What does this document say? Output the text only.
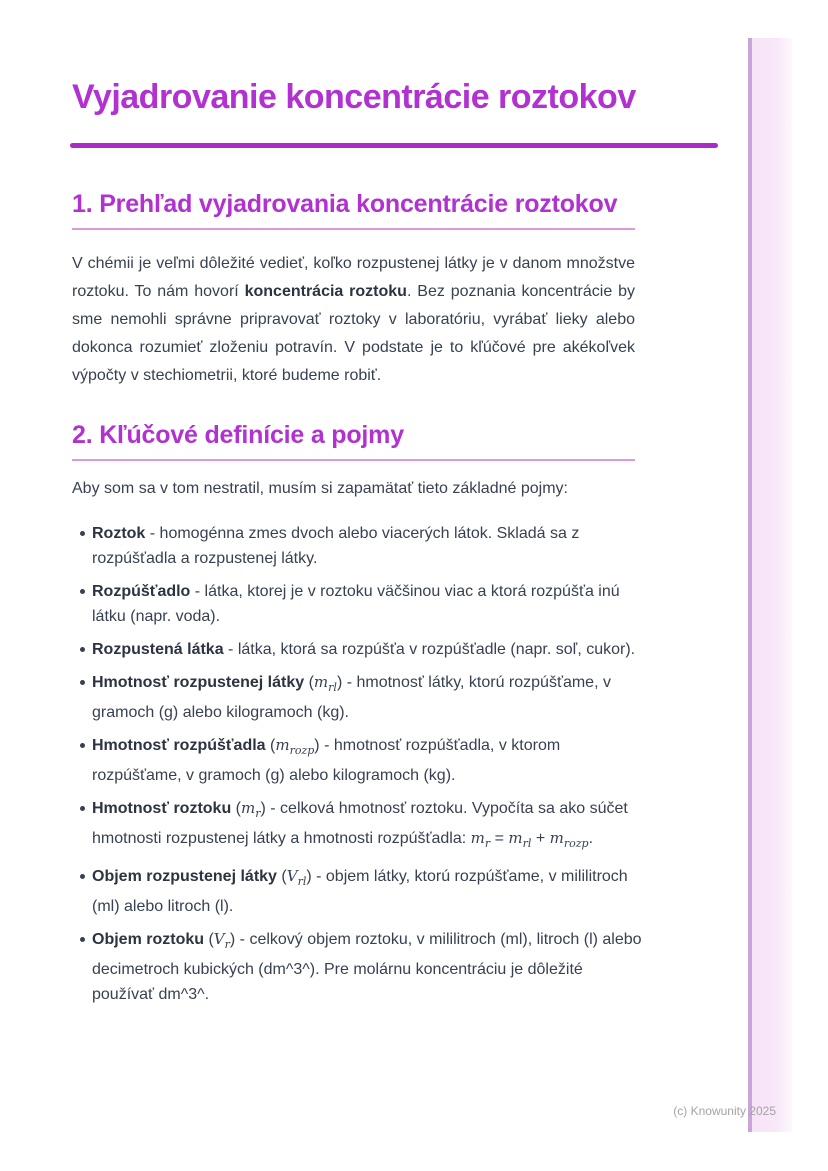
Vyjadrovanie koncentrácie roztokov
1. Prehľad vyjadrovania koncentrácie roztokov

V chémii je veľmi dôležité vedieť, koľko rozpustenej látky je v danom množstve roztoku. To nám hovorí koncentrácia roztoku. Bez poznania koncentrácie by sme nemohli správne pripravovať roztoky v laboratóriu, vyrábať lieky alebo dokonca rozumieť zloženiu potravín. V podstate je to kľúčové pre akékoľvek výpočty v stechiometrii, ktoré budeme robiť.

2. Kľúčové definície a pojmy

Aby som sa v tom nestratil, musím si zapamätať tieto základné pojmy:

Roztok - homogénna zmes dvoch alebo viacerých látok. Skladá sa z rozpúšťadla a rozpustenej látky.
Rozpúšťadlo - látka, ktorej je v roztoku väčšinou viac a ktorá rozpúšťa inú látku (napr. voda).
Rozpustená látka - látka, ktorá sa rozpúšťa v rozpúšťadle (napr. soľ, cukor).
Hmotnosť rozpustenej látky $(m_{rl})$ - hmotnosť látky, ktorú rozpúšťame, v gramoch (g) alebo kilogramoch (kg).
Hmotnosť rozpúšťadla $(m_{rozp})$ - hmotnosť rozpúšťadla, v ktorom rozpúšťame, v gramoch (g) alebo kilogramoch (kg).
Hmotnosť roztoku $(m_r)$ - celková hmotnosť roztoku. Vypočíta sa ako súčet hmotnosti rozpustenej látky a hmotnosti rozpúšťadla: $m_r = m_{rl} + m_{rozp}$.
Objem rozpustenej látky $(V_{rl})$ - objem látky, ktorú rozpúšťame, v mililitroch (ml) alebo litroch (l).
Objem roztoku $(V_r)$ - celkový objem roztoku, v mililitroch (ml), litroch (l) alebo decimetroch kubických (dm^3^). Pre molárnu koncentráciu je dôležité používať dm^3^.
(c) Knowunity 2025
